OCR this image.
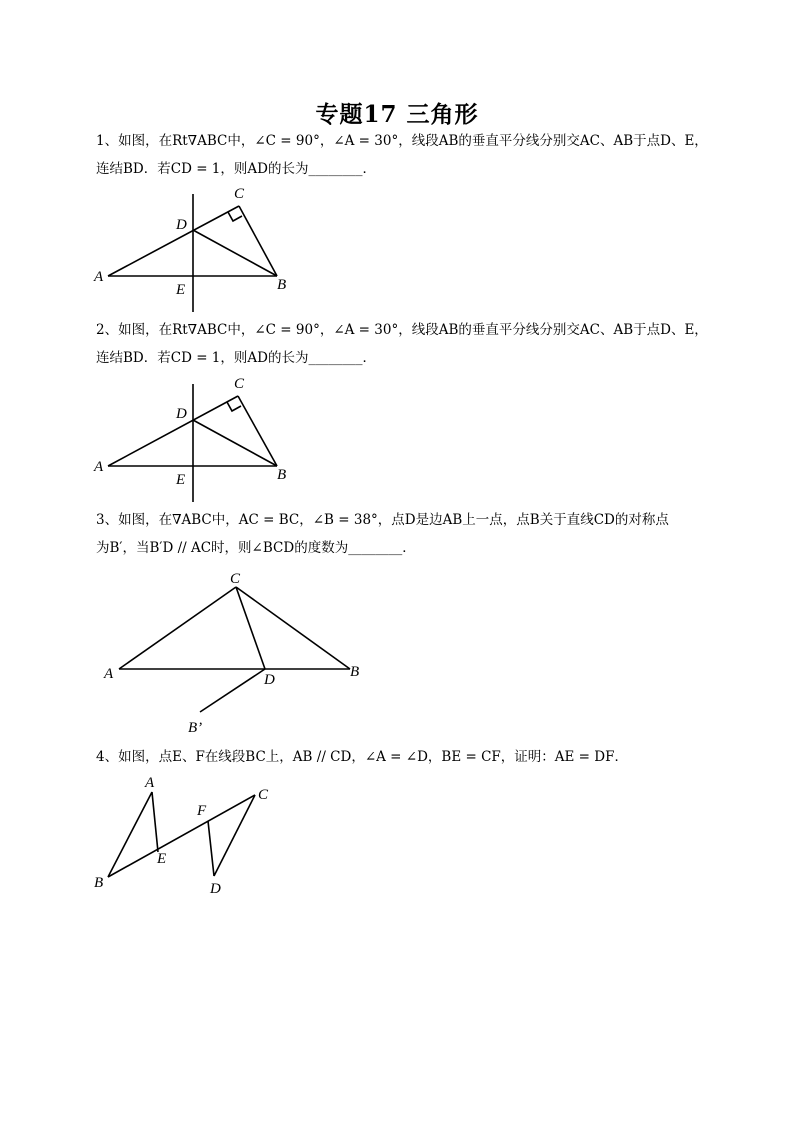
专题17 三角形
1、如图，在Rt∇ABC中，∠C = 90°，∠A = 30°，线段AB的垂直平分线分别交AC、AB于点D、E，
连结BD．若CD = 1，则AD的长为________．
A	B
C
D
E
2、如图，在Rt∇ABC中，∠C = 90°，∠A = 30°，线段AB的垂直平分线分别交AC、AB于点D、E，
连结BD．若CD = 1，则AD的长为________．
A	B
C
D
E
3、如图，在∇ABC中，AC = BC，∠B = 38°，点D是边AB上一点，点B关于直线CD的对称点
为B′，当B′D // AC时，则∠BCD的度数为________．
A	B
C
D
B’
4、如图，点E、F在线段BC上，AB // CD，∠A = ∠D，BE = CF，证明：AE = DF．
A
B
C
D
E
F
